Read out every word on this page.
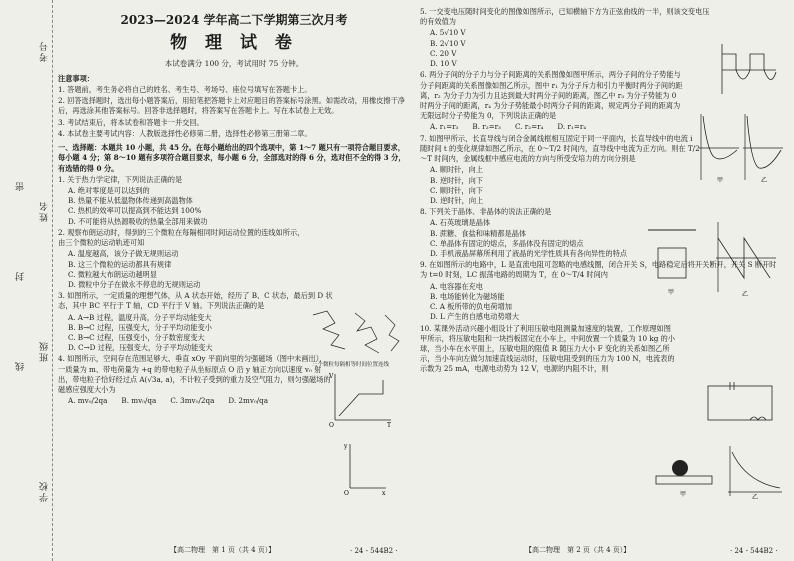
考号
姓名
班级
学校
密
封
线
2023—2024 学年高二下学期第三次月考
物 理 试 卷
本试卷满分 100 分，考试用时 75 分钟。
注意事项：
1. 答题前，考生务必将自己的姓名、考生号、考场号、座位号填写在答题卡上。
2. 回答选择题时，选出每小题答案后，用铅笔把答题卡上对应题目的答案标号涂黑。如需改动，用橡皮擦干净后，再选涂其他答案标号。回答非选择题时，将答案写在答题卡上。写在本试卷上无效。
3. 考试结束后，将本试卷和答题卡一并交回。
4. 本试卷主要考试内容：人教版选择性必修第二册，选择性必修第三册第二章。
一、选择题：本题共 10 小题，共 45 分。在每小题给出的四个选项中，第 1～7 题只有一项符合题目要求，每小题 4 分；第 8～10 题有多项符合题目要求，每小题 6 分，全部选对的得 6 分，选对但不全的得 3 分，有选错的得 0 分。
1. 关于热力学定律，下列说法正确的是
A. 绝对零度是可以达到的
B. 热量不能从低温物体传递到高温物体
C. 热机的效率可以提高到不能达到 100%
D. 不可能将从热源吸收的热量全部用来做功
2. 观察布朗运动时，得到的三个微粒在每隔相同时间运动位置的连线如所示，由三个微粒的运动轨迹可知
A. 温度越高，该分子做无规则运动
B. 这三个微粒的运动都具有规律
C. 微粒越大布朗运动越明显
D. 微粒中分子在做永不停息的无规则运动
3. 如图所示，一定质量的理想气体，从 A 状态开始，经历了 B、C 状态，最后到 D 状态，其中 BC 平行于 T 轴，CD 平行于 V 轴。下列说法正确的是
A. A→B 过程，温度升高，分子平均动能变大
B. B→C 过程，压强变大，分子平均动能变小
C. B→C 过程，压强变小，分子数密度变大
D. C→D 过程，压强变大，分子平均动能变大
4. 如图所示，空间存在范围足够大、垂直 xOy 平面向里的匀强磁场（图中未画出），一质量为 m、带电荷量为 +q 的带电粒子从坐标原点 O 沿 y 轴正方向以速度 v₀ 射出，带电粒子恰好经过点 A(√3a, a)，不计粒子受到的重力及空气阻力，则匀强磁场的磁感应强度大小为
A. mv₀/2qa B. mv₀/qa C. 3mv₀/2qa D. 2mv₀/qa
三个微粒每隔相等时间位置连线
V
T
O
y
x
O
5. 一交变电压随时间变化的图像如图所示，已知横轴下方为正弦曲线的一半，则该交变电压的有效值为
A. 5√10 V
B. 2√10 V
C. 20 V
D. 10 V
6. 两分子间的分子力与分子间距离的关系图像如图甲所示，两分子间的分子势能与分子间距离的关系图像如图乙所示，图中 r₁ 为分子斥力和引力平衡时两分子间的距离，r₂ 为分子力为引力且达到最大时两分子间的距离，图乙中 r₃ 为分子势能为 0 时两分子间的距离，r₄ 为分子势能最小时两分子间的距离，规定两分子间的距离为无限远时分子势能为 0，下列说法正确的是
A. r₁=r₃ B. r₂=r₃ C. r₂=r₄ D. r₁=r₄
7. 如图甲所示，长直导线与闭合金属线框相互固定于同一平面内，长直导线中的电流 i 随时间 t 的变化规律如图乙所示，在 0～T/2 时间内，直导线中电流为正方向。则在 T/2～T 时间内，金属线框中感应电流的方向与所受安培力的方向分别是
A. 顺时针，向上
B. 逆时针，向下
C. 顺时针，向下
D. 逆时针，向上
8. 下列关于晶体、非晶体的说法正确的是
A. 石英玻璃是晶体
B. 蔗糖、食盐和味精都是晶体
C. 单晶体有固定的熔点，多晶体没有固定的熔点
D. 手机液晶屏幕所利用了液晶的光学性质具有各向异性的特点
9. 在如图所示的电路中，L 是直流电阻可忽略的电感线圈，闭合开关 S，电路稳定后将开关断开，开关 S 断开时为 t=0 时刻，LC 振荡电路的周期为 T，在 0～T/4 时间内
A. 电容器在充电
B. 电场能转化为磁场能
C. A 板所带的负电荷增加
D. L 产生的自感电动势增大
10. 某课外活动兴趣小组设计了利用压敏电阻测量加速度的装置，工作原理如图甲所示，将压敏电阻和一块挡板固定在小车上，中间放置一个质量为 10 kg 的小球，当小车在水平面上，压敏电阻的阻值 R 随压力大小 F 变化的关系如图乙所示，当小车向左做匀加速直线运动时，压敏电阻受到的压力为 100 N，电流表的示数为 25 mA，电源电动势为 12 V，电源的内阻不计，则
甲	乙
甲	乙
甲	乙
【高二物理　第 1 页（共 4 页）】	· 24 - 544B2 ·	【高二物理　第 2 页（共 4 页）】	· 24 - 544B2 ·
